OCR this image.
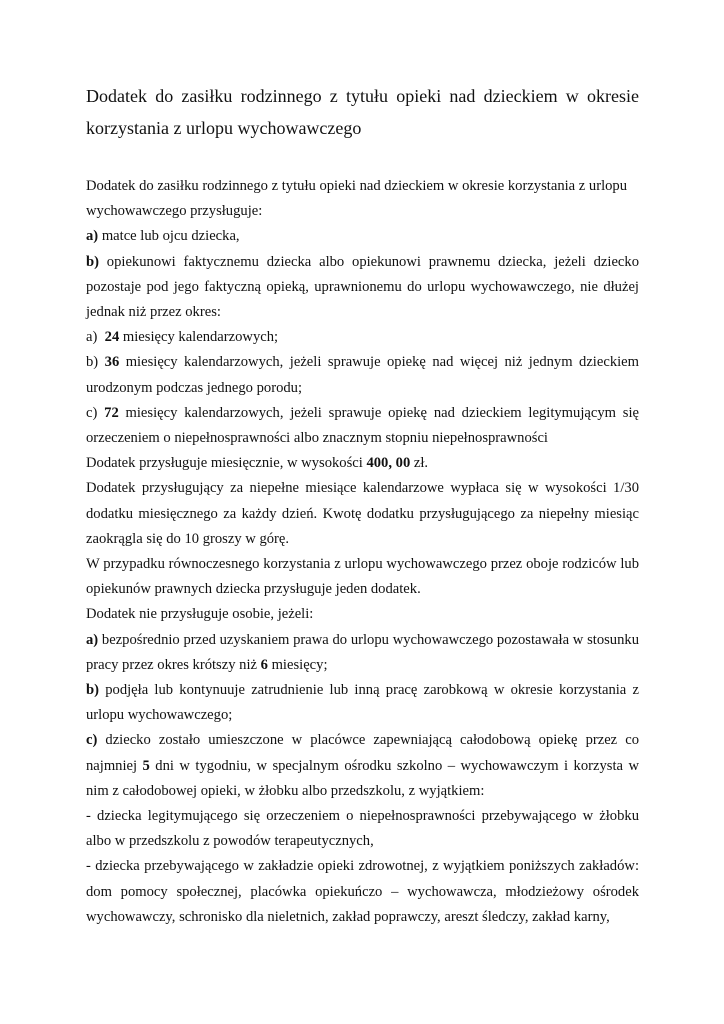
Dodatek do zasiłku rodzinnego z tytułu opieki nad dzieckiem w okresie korzystania z urlopu wychowawczego

Dodatek do zasiłku rodzinnego z tytułu opieki nad dzieckiem w okresie korzystania z urlopu wychowawczego przysługuje:

a) matce lub ojcu dziecka,

b) opiekunowi faktycznemu dziecka albo opiekunowi prawnemu dziecka, jeżeli dziecko pozostaje pod jego faktyczną opieką, uprawnionemu do urlopu wychowawczego, nie dłużej jednak niż przez okres:

a)  24 miesięcy kalendarzowych;

b) 36 miesięcy kalendarzowych, jeżeli sprawuje opiekę nad więcej niż jednym dzieckiem urodzonym podczas jednego porodu;

c) 72 miesięcy kalendarzowych, jeżeli sprawuje opiekę nad dzieckiem legitymującym się orzeczeniem o niepełnosprawności albo znacznym stopniu niepełnosprawności

Dodatek przysługuje miesięcznie, w wysokości 400, 00 zł.

Dodatek przysługujący za niepełne miesiące kalendarzowe wypłaca się w wysokości 1/30 dodatku miesięcznego za każdy dzień. Kwotę dodatku przysługującego za niepełny miesiąc zaokrągla się do 10 groszy w górę.

W przypadku równoczesnego korzystania z urlopu wychowawczego przez oboje rodziców lub opiekunów prawnych dziecka przysługuje jeden dodatek.

Dodatek nie przysługuje osobie, jeżeli:

a) bezpośrednio przed uzyskaniem prawa do urlopu wychowawczego pozostawała w stosunku pracy przez okres krótszy niż 6 miesięcy;

b) podjęła lub kontynuuje zatrudnienie lub inną pracę zarobkową w okresie korzystania z urlopu wychowawczego;

c) dziecko zostało umieszczone w placówce zapewniającą całodobową opiekę przez co najmniej 5 dni w tygodniu, w specjalnym ośrodku szkolno – wychowawczym i korzysta w nim z całodobowej opieki, w żłobku albo przedszkolu, z wyjątkiem:

- dziecka legitymującego się orzeczeniem o niepełnosprawności przebywającego w żłobku albo w przedszkolu z powodów terapeutycznych,

- dziecka przebywającego w zakładzie opieki zdrowotnej, z wyjątkiem poniższych zakładów: dom pomocy społecznej, placówka opiekuńczo – wychowawcza, młodzieżowy ośrodek wychowawczy, schronisko dla nieletnich, zakład poprawczy, areszt śledczy, zakład karny,
